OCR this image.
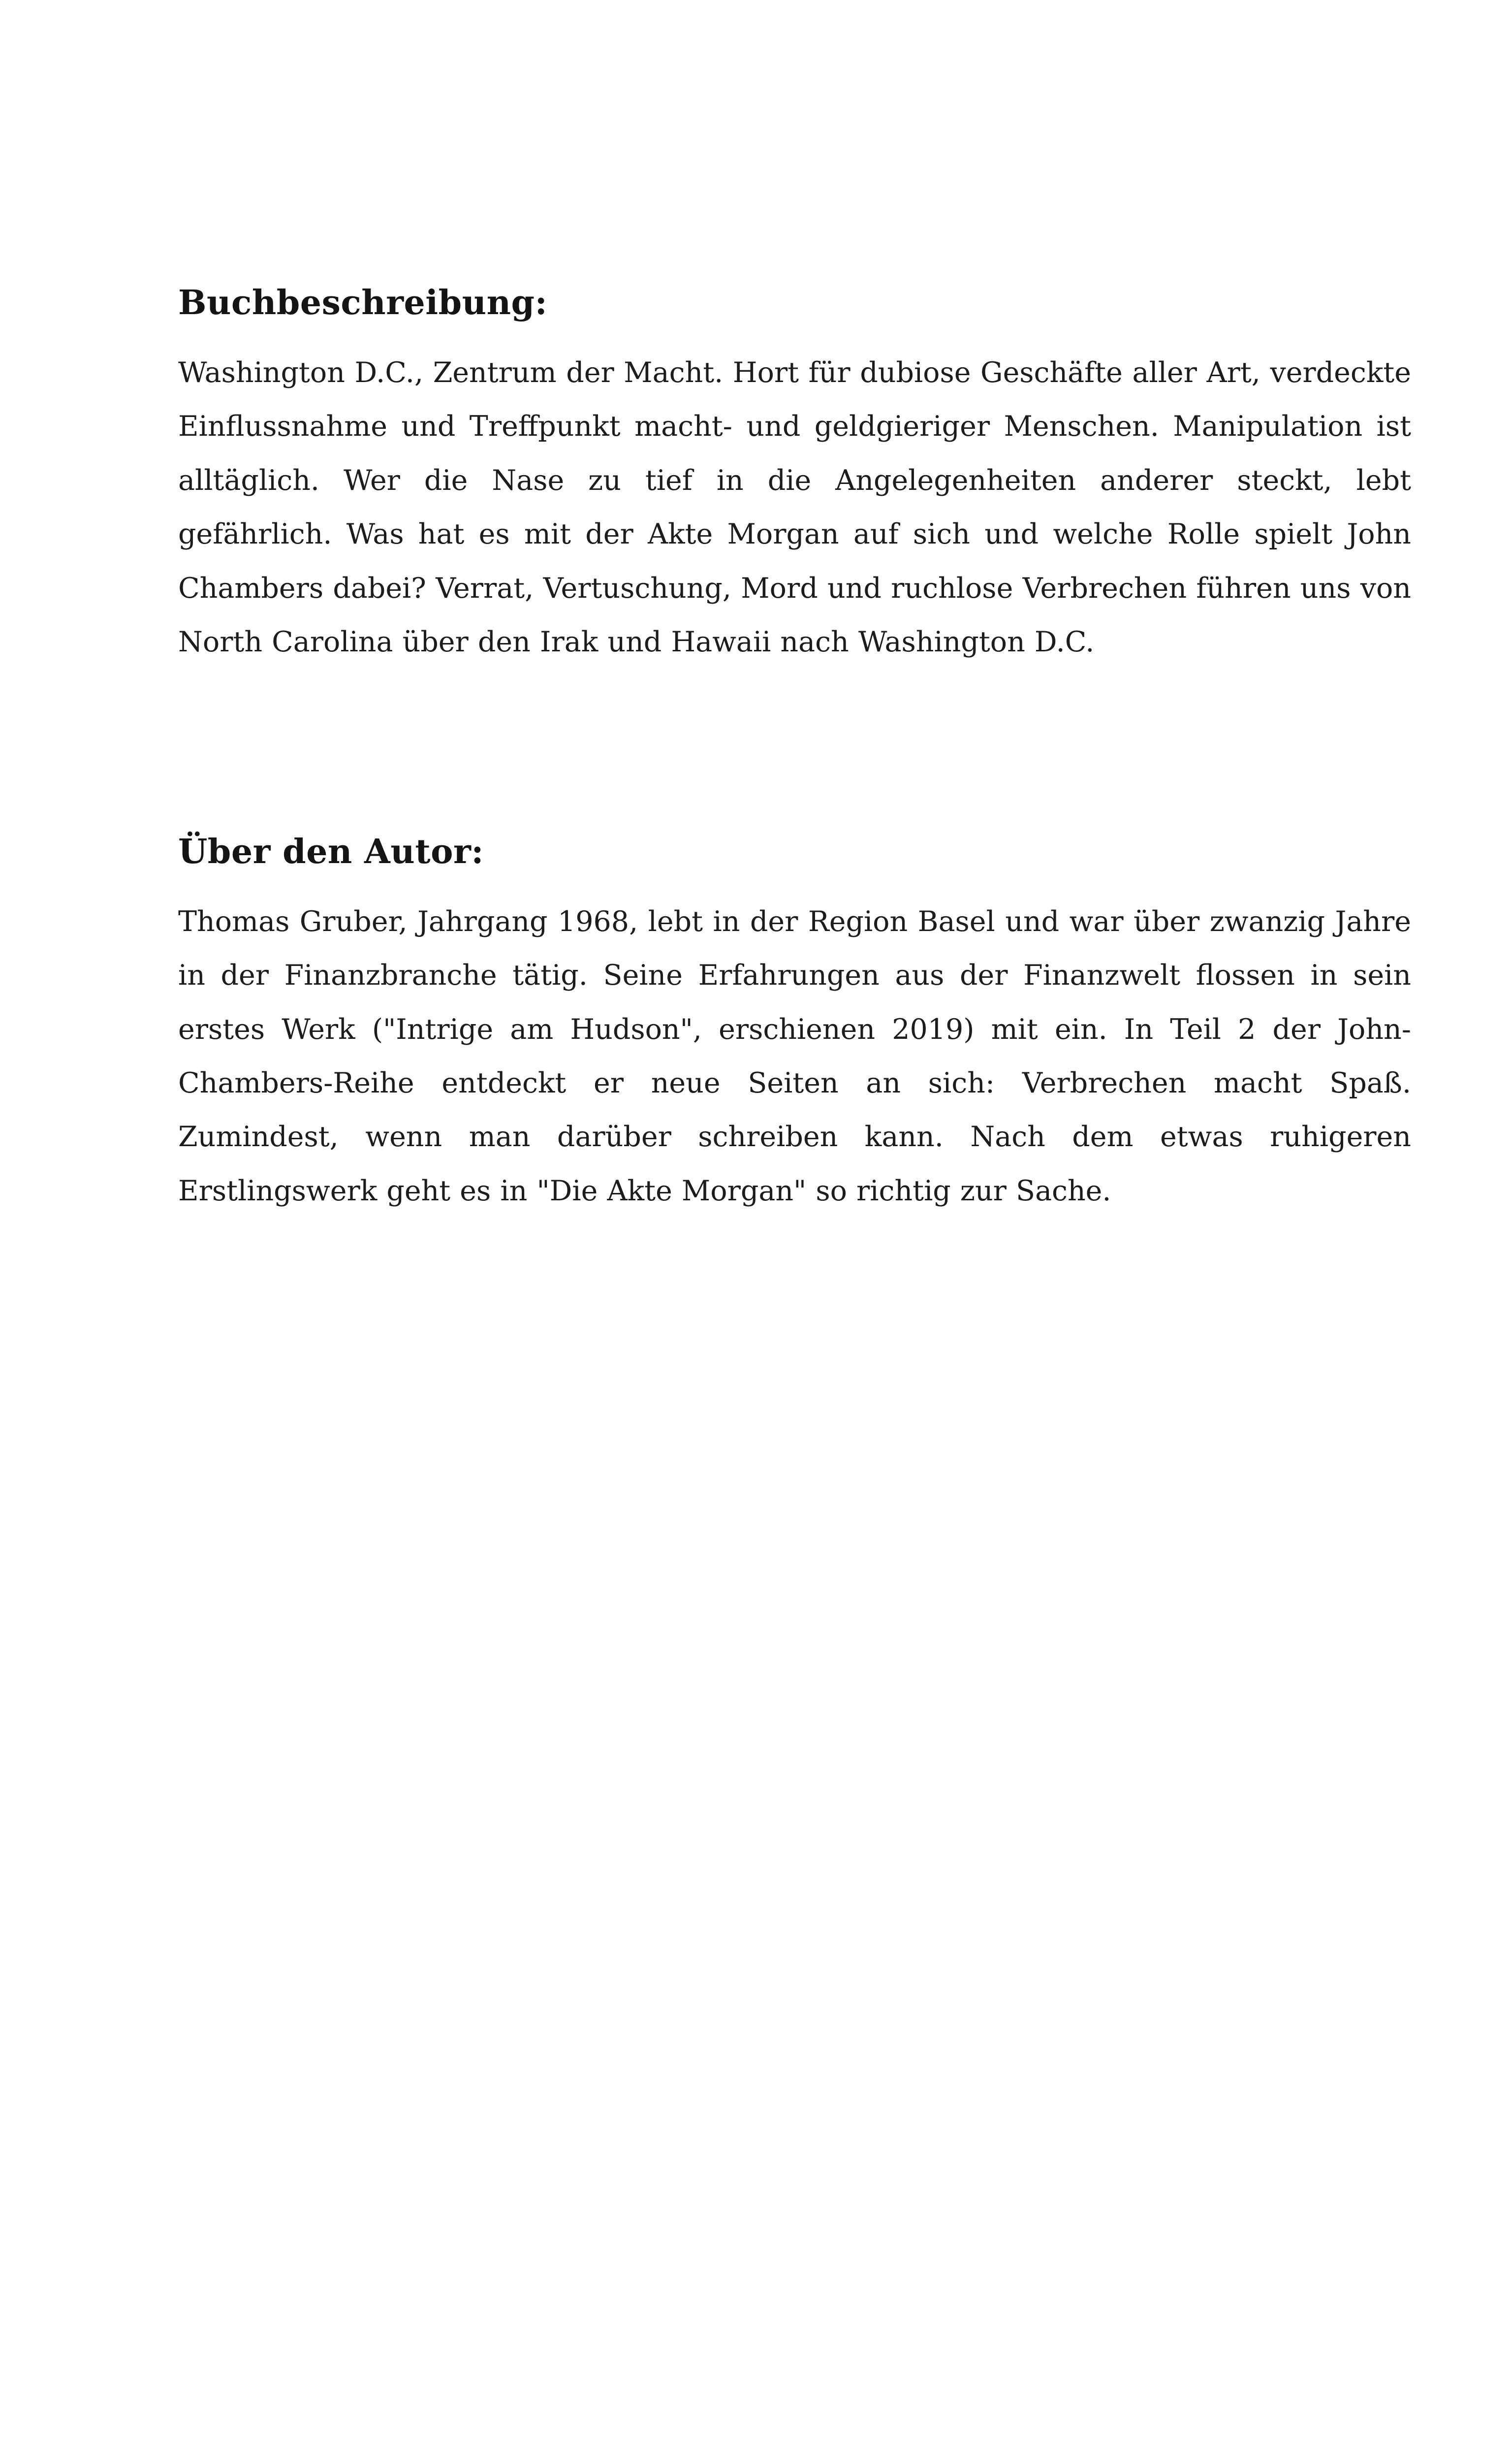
Buchbeschreibung:

Washington D.C., Zentrum der Macht. Hort für dubiose Geschäfte aller Art, verdeckte Einflussnahme und Treffpunkt macht- und geldgieriger Menschen. Manipulation ist alltäglich. Wer die Nase zu tief in die Angelegenheiten anderer steckt, lebt gefährlich. Was hat es mit der Akte Morgan auf sich und welche Rolle spielt John Chambers dabei? Verrat, Vertuschung, Mord und ruchlose Verbrechen führen uns von North Carolina über den Irak und Hawaii nach Washington D.C.

Über den Autor:

Thomas Gruber, Jahrgang 1968, lebt in der Region Basel und war über zwanzig Jahre in der Finanzbranche tätig. Seine Erfahrungen aus der Finanzwelt flossen in sein erstes Werk ("Intrige am Hudson", erschienen 2019) mit ein. In Teil 2 der John-Chambers-Reihe entdeckt er neue Seiten an sich: Verbrechen macht Spaß. Zumindest, wenn man darüber schreiben kann. Nach dem etwas ruhigeren Erstlingswerk geht es in "Die Akte Morgan" so richtig zur Sache.
